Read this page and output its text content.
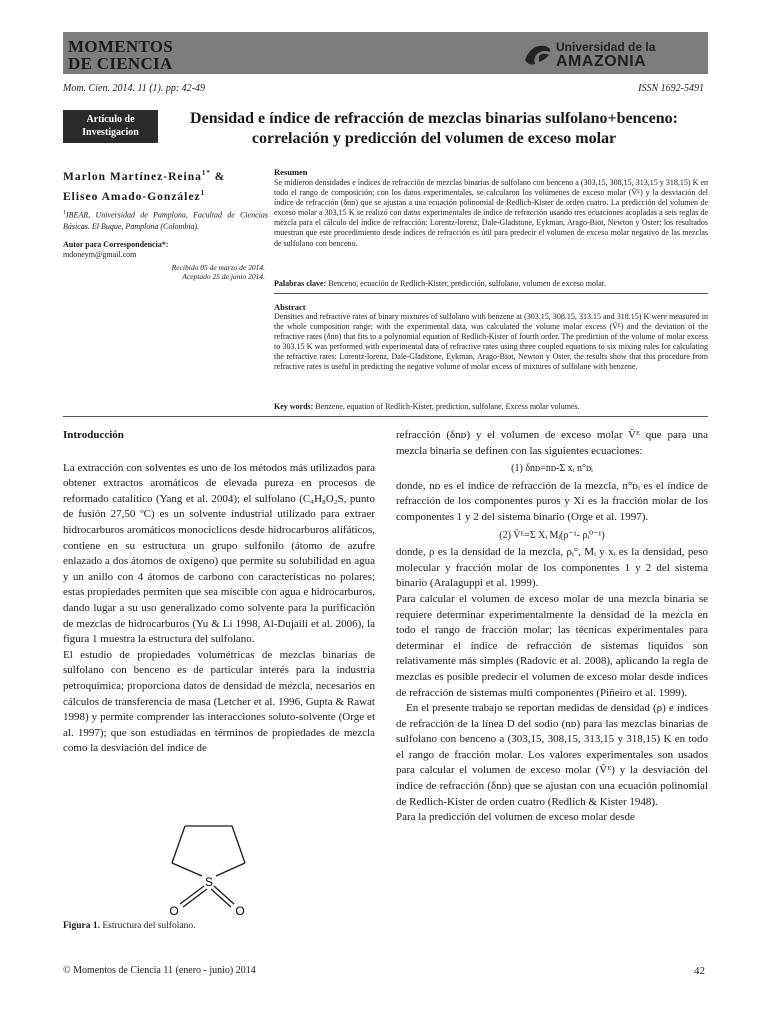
MOMENTOS
DE CIENCIA
Universidad de la
AMAZONIA
Mom. Cien. 2014. 11 (1). pp: 42-49	ISSN 1692-5491
Artículo de
Investigacion
Densidad e índice de refracción de mezclas binarias sulfolano+benceno: correlación y predicción del volumen de exceso molar
Marlon Martínez-Reina$^{1*}$ &
Eliseo Amado-González$^1$
$^1$IBEAR, Universidad de Pamplona, Facultad de Ciencias Básicas. El Buque, Pamplona (Colombia).
Autor para Correspondencia*:
mdoneym@gmail.com
Recibido 05 de marzo de 2014.
Aceptado 25 de junio 2014.
Resumen
Se midieron densidades e índices de refracción de mezclas binarias de sulfolano con benceno a (303,15, 308,15, 313,15 y 318,15) K en todo el rango de composición; con los datos experimentales, se calcularon los volúmenes de exceso molar (V̄ᴱ) y la desviación del índice de refracción (δnᴅ) que se ajustan a una ecuación polinomial de Redlich-Kister de orden cuatro. La predicción del volumen de exceso molar a 303,15 K se realizó con datos experimentales de índice de refracción usando tres ecuaciones acopladas a seis reglas de mezcla para el cálculo del índice de refracción: Lorentz-lorenz, Dale-Gladstone, Eykman, Arago-Biot, Newton y Oster; los resultados muestran que este procedimiento desde índices de refracción es útil para predecir el volumen de exceso molar negativo de las mezclas de sulfolano con benceno.
Palabras clave: Benceno, ecuación de Redlich-Kister, predicción, sulfolano, volumen de exceso molar.
Abstract
Densities and refractive rates of binary mixtures of sulfolano with benzene at (303.15, 308.15, 313.15 and 318.15) K were measured in the whole composition range; with the experimental data, was calculated the volume molar excess (V̄ᴱ) and the deviation of the refractive rates (δnᴅ) that fits to a polynomial equation of Redlich-Kister of fourth order. The prediction of the volume of molar excess to 303.15 K was performed with experimental data of refractive rates using three coupled equations to six mixing rules for calculating the refractive rates: Lorentz-lorenz, Dale-Gladstone, Eykman, Arago-Biot, Newton y Oster, the results show that this procedure from refractive rates is useful in predicting the negative volume of molar excess of mixtures of sulfolane with benzene.
Key words: Benzene, equation of Redlich-Kister, prediction, sulfolane, Excess molar volumes.
Introducción

La extracción con solventes es uno de los métodos más utilizados para obtener extractos aromáticos de elevada pureza en procesos de reformado catalítico (Yang et al. 2004); el sulfolano (C₄H₈O₂S, punto de fusión 27,50 ºC) es un solvente industrial utilizado para extraer hidrocarburos aromáticos monocíclicos desde hidrocarburos alifáticos, contiene en su estructura un grupo sulfonilo (átomo de azufre enlazado a dos átomos de oxígeno) que permite su solubilidad en agua y un anillo con 4 átomos de carbono con características no polares; estas propiedades permiten que sea miscible con agua e hidrocarburos, dando lugar a su uso generalizado como solvente para la purificación de mezclas de hidrocarburos (Yu & Li 1998, Al-Dujaili et al. 2006), la figura 1 muestra la estructura del sulfolano.

El estudio de propiedades volumétricas de mezclas binarias de sulfolano con benceno es de particular interés para la industria petroquímica; proporciona datos de densidad de mezcla, necesarios en cálculos de transferencia de masa (Letcher et al. 1996, Gupta & Rawat 1998) y permite comprender las interacciones soluto-solvente (Orge et al. 1997); que son estudiadas en términos de propiedades de mezcla como la desviación del índice de

S
O	O
Figura 1. Estructura del sulfolano.

refracción (δnᴅ) y el volumen de exceso molar V̄ᴱ que para una mezcla binaria se definen con las siguientes ecuaciones:

(1) δnᴅ=nᴅ-Σ xᵢ n°ᴅᵢ

donde, nᴅ es el índice de refracción de la mezcla, n°ᴅᵢ es el índice de refracción de los componentes puros y Xi es la fracción molar de los componentes 1 y 2 del sistema binario (Orge et al. 1997).

(2) V̄ᴱ=Σ Xᵢ Mᵢ(ρ⁻¹- ρᵢ⁰⁻¹)

donde, ρ es la densidad de la mezcla, ρᵢ°, Mᵢ y xᵢ es la densidad, peso molecular y fracción molar de los componentes 1 y 2 del sistema binario (Aralaguppi et al. 1999).

Para calcular el volumen de exceso molar de una mezcla binaria se requiere determinar experimentalmente la densidad de la mezcla en todo el rango de fracción molar; las técnicas experimentales para determinar el índice de refracción de sistemas líquidos son relativamente más simples (Radovic et al. 2008), aplicando la regla de mezclas es posible predecir el volumen de exceso molar desde índices de refracción de sistemas multi componentes (Piñeiro et al. 1999).

En el presente trabajo se reportan medidas de densidad (ρ) e índices de refracción de la línea D del sodio (nᴅ) para las mezclas binarias de sulfolano con benceno a (303,15, 308,15, 313,15 y 318,15) K en todo el rango de fracción molar. Los valores experimentales son usados para calcular el volumen de exceso molar (V̄ᴱ) y la desviación del índice de refracción (δnᴅ) que se ajustan con una ecuación polinomial de Redlich-Kister de orden cuatro (Redlich & Kister 1948).

Para la predicción del volumen de exceso molar desde

© Momentos de Ciencia 11 (enero - junio) 2014	42
